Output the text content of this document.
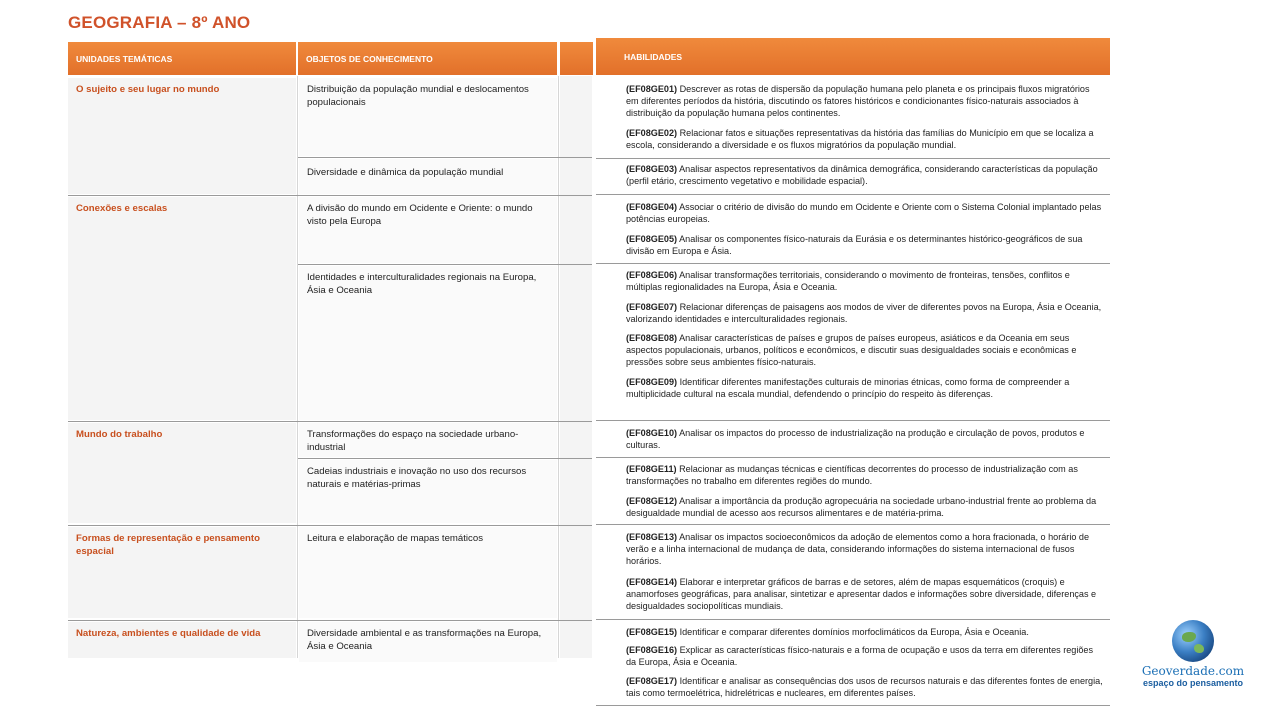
GEOGRAFIA – 8º ANO
UNIDADES TEMÁTICAS	OBJETOS DE CONHECIMENTO	HABILIDADES
O sujeito e seu lugar no mundo
Conexões e escalas
Mundo do trabalho
Formas de representação e pensamento espacial
Natureza, ambientes e qualidade de vida
Distribuição da população mundial e deslocamentos populacionais
Diversidade e dinâmica da população mundial
A divisão do mundo em Ocidente e Oriente: o mundo visto pela Europa
Identidades e interculturalidades regionais na Europa, Ásia e Oceania
Transformações do espaço na sociedade urbano-industrial
Cadeias industriais e inovação no uso dos recursos naturais e matérias-primas
Leitura e elaboração de mapas temáticos
Diversidade ambiental e as transformações na Europa, Ásia e Oceania
(EF08GE01) Descrever as rotas de dispersão da população humana pelo planeta e os principais fluxos migratórios em diferentes períodos da história, discutindo os fatores históricos e condicionantes físico-naturais associados à distribuição da população humana pelos continentes.
(EF08GE02) Relacionar fatos e situações representativas da história das famílias do Município em que se localiza a escola, considerando a diversidade e os fluxos migratórios da população mundial.
(EF08GE03) Analisar aspectos representativos da dinâmica demográfica, considerando características da população (perfil etário, crescimento vegetativo e mobilidade espacial).
(EF08GE04) Associar o critério de divisão do mundo em Ocidente e Oriente com o Sistema Colonial implantado pelas potências europeias.
(EF08GE05) Analisar os componentes físico-naturais da Eurásia e os determinantes histórico-geográficos de sua divisão em Europa e Ásia.
(EF08GE06) Analisar transformações territoriais, considerando o movimento de fronteiras, tensões, conflitos e múltiplas regionalidades na Europa, Ásia e Oceania.
(EF08GE07) Relacionar diferenças de paisagens aos modos de viver de diferentes povos na Europa, Ásia e Oceania, valorizando identidades e interculturalidades regionais.
(EF08GE08) Analisar características de países e grupos de países europeus, asiáticos e da Oceania em seus aspectos populacionais, urbanos, políticos e econômicos, e discutir suas desigualdades sociais e econômicas e pressões sobre seus ambientes físico-naturais.
(EF08GE09) Identificar diferentes manifestações culturais de minorias étnicas, como forma de compreender a multiplicidade cultural na escala mundial, defendendo o princípio do respeito às diferenças.
(EF08GE10) Analisar os impactos do processo de industrialização na produção e circulação de povos, produtos e culturas.
(EF08GE11) Relacionar as mudanças técnicas e científicas decorrentes do processo de industrialização com as transformações no trabalho em diferentes regiões do mundo.
(EF08GE12) Analisar a importância da produção agropecuária na sociedade urbano-industrial frente ao problema da desigualdade mundial de acesso aos recursos alimentares e de matéria-prima.
(EF08GE13) Analisar os impactos socioeconômicos da adoção de elementos como a hora fracionada, o horário de verão e a linha internacional de mudança de data, considerando informações do sistema internacional de fusos horários.
(EF08GE14) Elaborar e interpretar gráficos de barras e de setores, além de mapas esquemáticos (croquis) e anamorfoses geográficas, para analisar, sintetizar e apresentar dados e informações sobre diversidade, diferenças e desigualdades sociopolíticas mundiais.
(EF08GE15) Identificar e comparar diferentes domínios morfoclimáticos da Europa, Ásia e Oceania.
(EF08GE16) Explicar as características físico-naturais e a forma de ocupação e usos da terra em diferentes regiões da Europa, Ásia e Oceania.
(EF08GE17) Identificar e analisar as consequências dos usos de recursos naturais e das diferentes fontes de energia, tais como termoelétrica, hidrelétricas e nucleares, em diferentes países.
Geoverdade.com
espaço do pensamento
